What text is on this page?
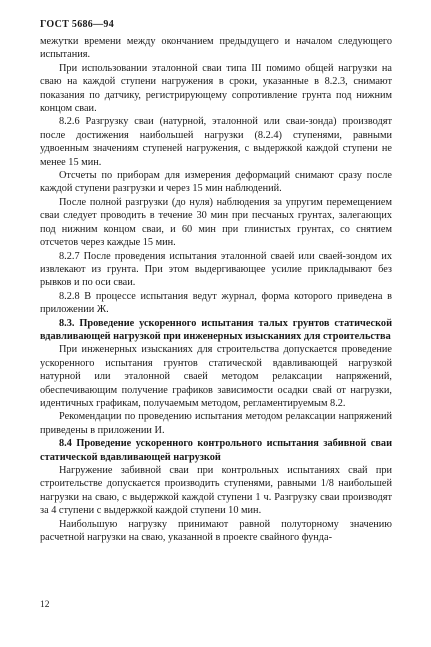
ГОСТ 5686—94

межутки времени между окончанием предыдущего и началом следующего испытания.

При использовании эталонной сваи типа III помимо общей нагрузки на сваю на каждой ступени нагружения в сроки, указанные в 8.2.3, снимают показания по датчику, регистрирующему сопротивление грунта под нижним концом сваи.

8.2.6 Разгрузку сваи (натурной, эталонной или сваи-зонда) производят после достижения наибольшей нагрузки (8.2.4) ступенями, равными удвоенным значениям ступеней нагружения, с выдержкой каждой ступени не менее 15 мин.

Отсчеты по приборам для измерения деформаций снимают сразу после каждой ступени разгрузки и через 15 мин наблюдений.

После полной разгрузки (до нуля) наблюдения за упругим перемещением сваи следует проводить в течение 30 мин при песчаных грунтах, залегающих под нижним концом сваи, и 60 мин при глинистых грунтах, со снятием отсчетов через каждые 15 мин.

8.2.7 После проведения испытания эталонной сваей или сваей-зондом их извлекают из грунта. При этом выдергивающее усилие прикладывают без рывков и по оси сваи.

8.2.8 В процессе испытания ведут журнал, форма которого приведена в приложении Ж.

8.3. Проведение ускоренного испытания талых грунтов статической вдавливающей нагрузкой при инженерных изысканиях для строительства

При инженерных изысканиях для строительства допускается проведение ускоренного испытания грунтов статической вдавливающей нагрузкой натурной или эталонной сваей методом релаксации напряжений, обеспечивающим получение графиков зависимости осадки свай от нагрузки, идентичных графикам, получаемым методом, регламентируемым 8.2.

Рекомендации по проведению испытания методом релаксации напряжений приведены в приложении И.

8.4 Проведение ускоренного контрольного испытания забивной сваи статической вдавливающей нагрузкой

Нагружение забивной сваи при контрольных испытаниях свай при строительстве допускается производить ступенями, равными 1/8 наибольшей нагрузки на сваю, с выдержкой каждой ступени 1 ч. Разгрузку сваи производят за 4 ступени с выдержкой каждой ступени 10 мин.

Наибольшую нагрузку принимают равной полуторному значению расчетной нагрузки на сваю, указанной в проекте свайного фунда-

12
